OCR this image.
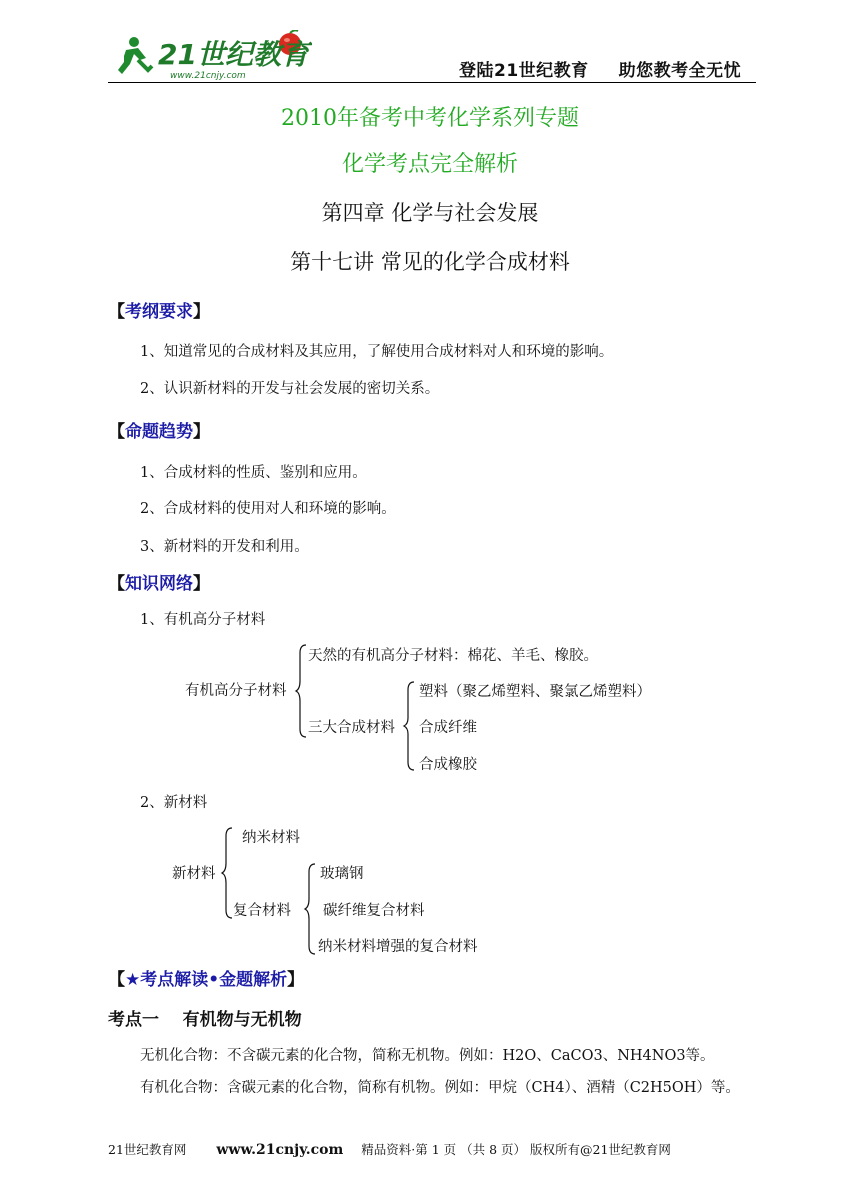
21世纪教育
www.21cnjy.com	登陆21世纪教育 助您教考全无忧
2010年备考中考化学系列专题
化学考点完全解析
第四章 化学与社会发展
第十七讲 常见的化学合成材料
【考纲要求】
1、知道常见的合成材料及其应用，了解使用合成材料对人和环境的影响。
2、认识新材料的开发与社会发展的密切关系。
【命题趋势】
1、合成材料的性质、鉴别和应用。
2、合成材料的使用对人和环境的影响。
3、新材料的开发和利用。
【知识网络】
1、有机高分子材料
有机高分子材料
天然的有机高分子材料：棉花、羊毛、橡胶。
三大合成材料
塑料（聚乙烯塑料、聚氯乙烯塑料）
合成纤维
合成橡胶
2、新材料
新材料
纳米材料
复合材料
玻璃钢
碳纤维复合材料
纳米材料增强的复合材料
【★考点解读•金题解析】
考点一    有机物与无机物
无机化合物：不含碳元素的化合物，简称无机物。例如：H2O、CaCO3、NH4NO3等。
有机化合物：含碳元素的化合物，简称有机物。例如：甲烷（CH4）、酒精（C2H5OH）等。
21世纪教育网 www.21cnjy.com 精品资料·第 1 页 （共 8 页） 版权所有@21世纪教育网
